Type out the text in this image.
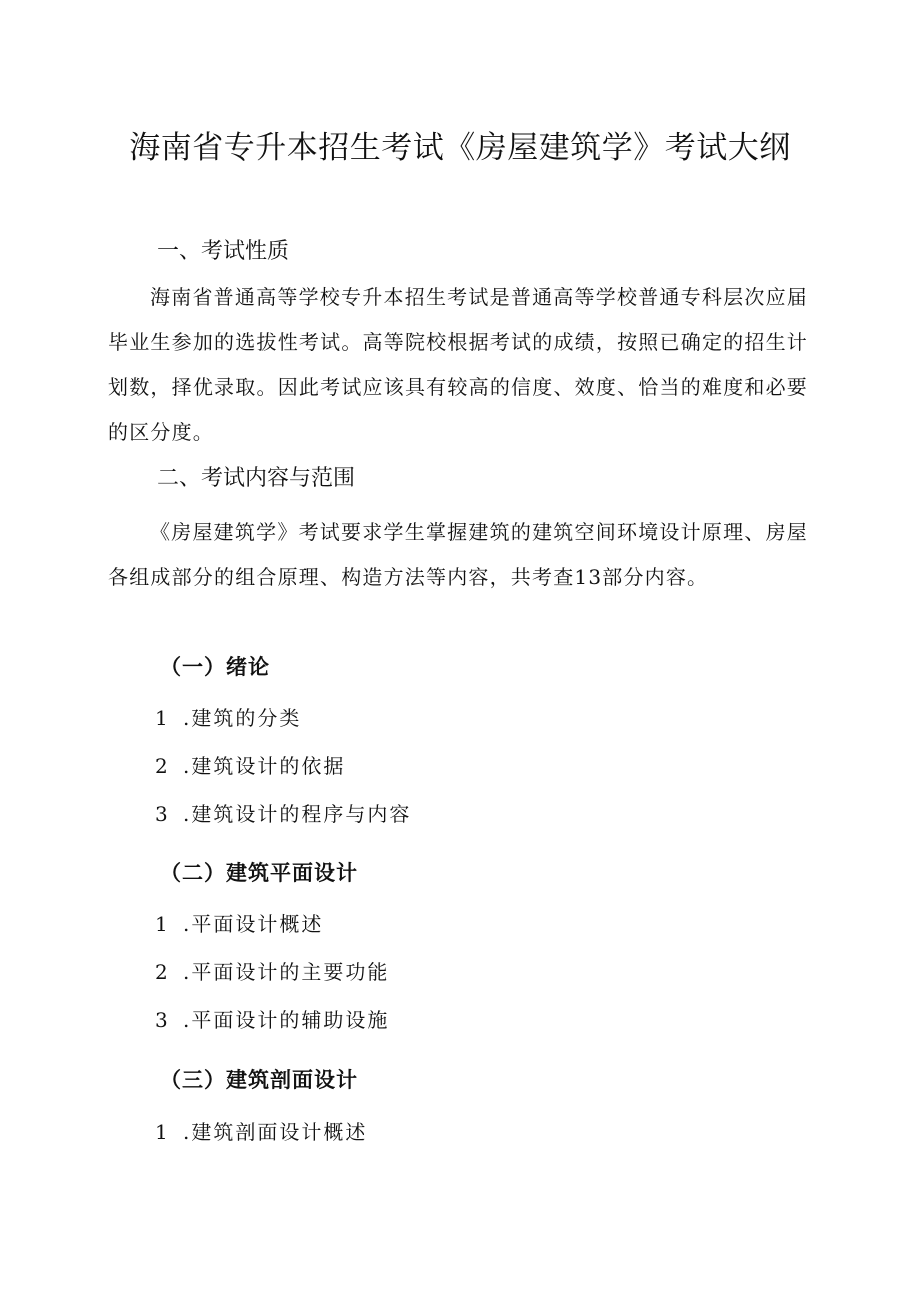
海南省专升本招生考试《房屋建筑学》考试大纲
一、考试性质
海南省普通高等学校专升本招生考试是普通高等学校普通专科层次应届毕业生参加的选拔性考试。高等院校根据考试的成绩，按照已确定的招生计划数，择优录取。因此考试应该具有较高的信度、效度、恰当的难度和必要的区分度。
二、考试内容与范围
《房屋建筑学》考试要求学生掌握建筑的建筑空间环境设计原理、房屋各组成部分的组合原理、构造方法等内容，共考查13部分内容。
（一）绪论
1 .建筑的分类
2 .建筑设计的依据
3 .建筑设计的程序与内容
（二）建筑平面设计
1 .平面设计概述
2 .平面设计的主要功能
3 .平面设计的辅助设施
（三）建筑剖面设计
1 .建筑剖面设计概述
